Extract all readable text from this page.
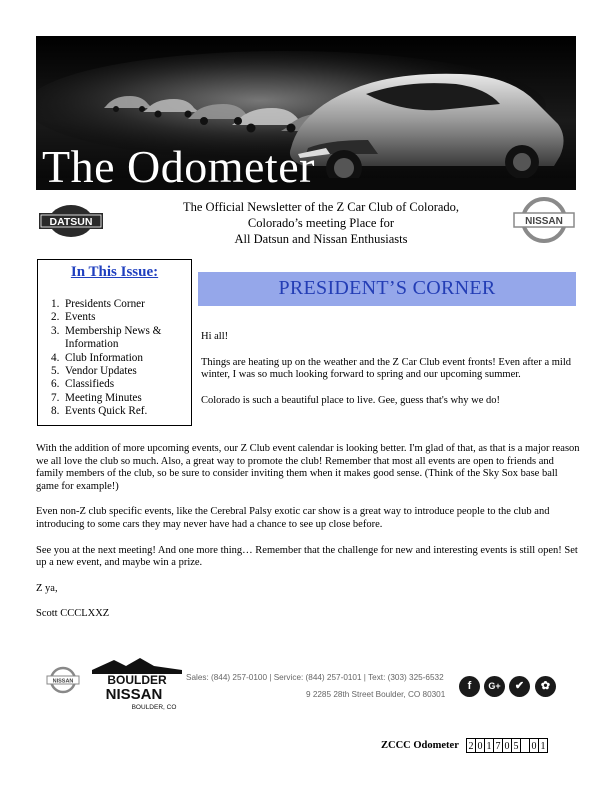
The Odometer
DATSUN
The Official Newsletter of the Z Car Club of Colorado,
Colorado’s meeting Place for
All Datsun and Nissan Enthusiasts
NISSAN
In This Issue:
1. Presidents Corner
2. Events
3. Membership News & Information
4. Club Information
5. Vendor Updates
6. Classifieds
7. Meeting Minutes
8. Events Quick Ref.
PRESIDENT’S CORNER

Hi all!

Things are heating up on the weather and the Z Car Club event fronts! Even after a mild winter, I was so much looking forward to spring and our upcoming summer.

Colorado is such a beautiful place to live. Gee, guess that's why we do!

With the addition of more upcoming events, our Z Club event calendar is looking better. I'm glad of that, as that is a major reason we all love the club so much. Also, a great way to promote the club! Remember that most all events are open to friends and family members of the club, so be sure to consider inviting them when it makes good sense. (Think of the Sky Sox base ball game for example!)

Even non-Z club specific events, like the Cerebral Palsy exotic car show is a great way to introduce people to the club and introducing to some cars they may never have had a chance to see up close before.

See you at the next meeting! And one more thing… Remember that the challenge for new and interesting events is still open! Set up a new event, and maybe win a prize.

Z ya,

Scott CCCLXXZ

NISSAN	BOULDER
NISSAN
BOULDER, CO
Sales: (844) 257-0100 | Service: (844) 257-0101 | Text: (303) 325-6532
9 2285 28th Street Boulder, CO 80301
f	G+	✔	✿
ZCCC Odometer 2 0 1 7 0 5 0 1
